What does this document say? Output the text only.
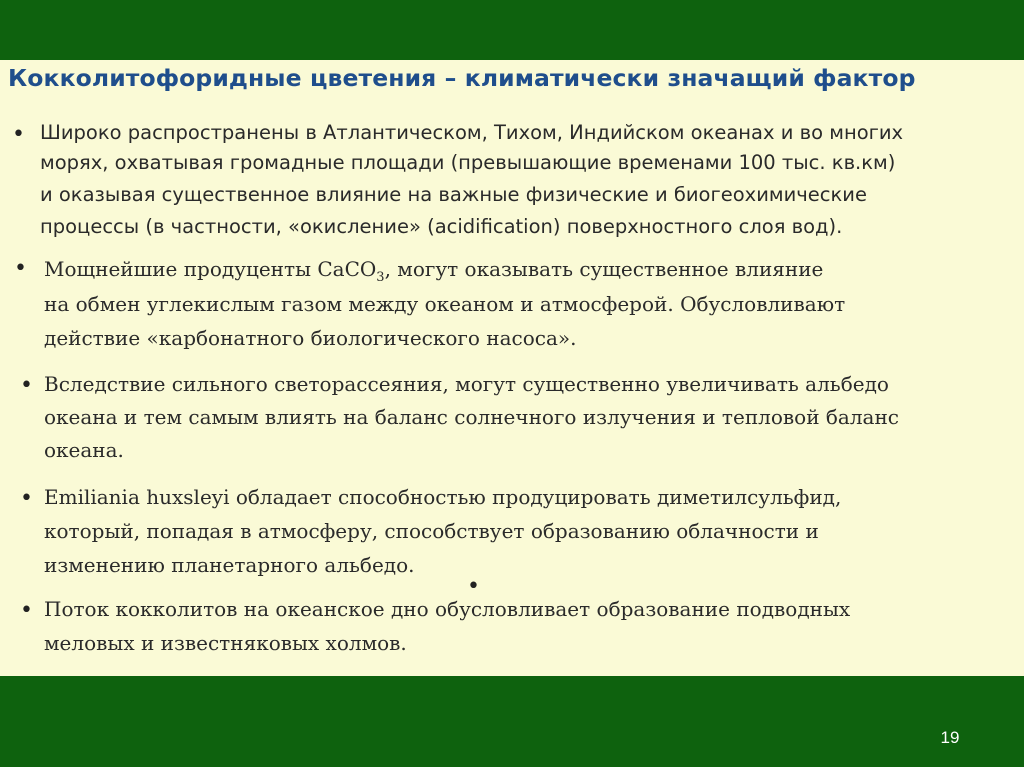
Кокколитофоридные цветения – климатически значащий фактор
• Широко распространены в Атлантическом, Тихом, Индийском океанах и во многих
морях, охватывая громадные площади (превышающие временами 100 тыс. кв.км)
и оказывая существенное влияние на важные физические и биогеохимические
процессы (в частности, «окисление» (acidification) поверхностного слоя вод).
• Мощнейшие продуценты CaCO$_3$, могут оказывать существенное влияние
на обмен углекислым газом между океаном и атмосферой. Обусловливают
действие «карбонатного биологического насоса».
• Вследствие сильного светорассеяния, могут существенно увеличивать альбедо
океана и тем самым влиять на баланс солнечного излучения и тепловой баланс
океана.
• Emiliania huxsleyi обладает способностью продуцировать диметилсульфид,
который, попадая в атмосферу, способствует образованию облачности и
изменению планетарного альбедо.
•
• Поток кокколитов на океанское дно обусловливает образование подводных
меловых и известняковых холмов.
19
